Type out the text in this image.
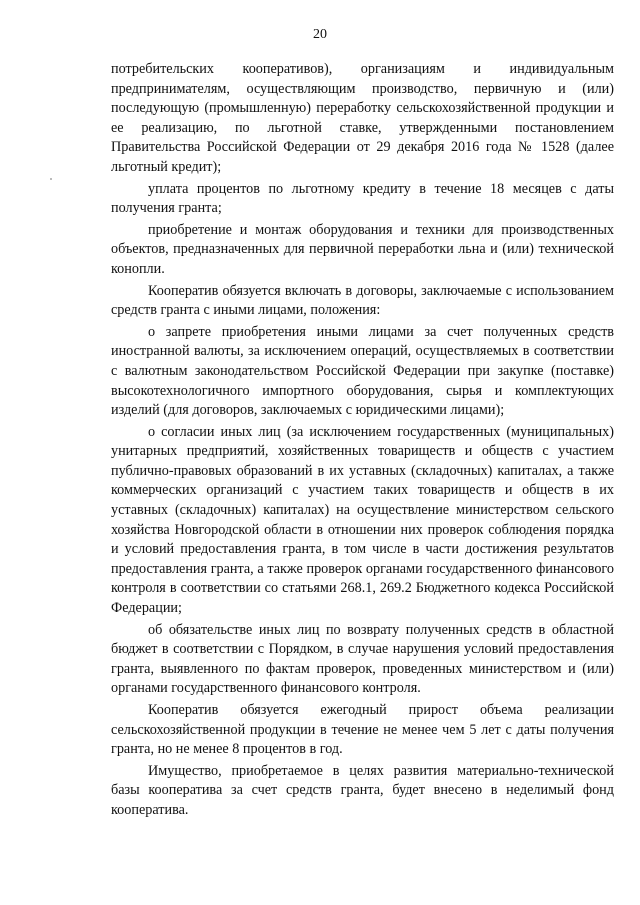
20

потребительских кооперативов), организациям и индивидуальным предпринимателям, осуществляющим производство, первичную и (или) последующую (промышленную) переработку сельскохозяйственной продукции и ее реализацию, по льготной ставке, утвержденными постановлением Правительства Российской Федерации от 29 декабря 2016 года № 1528 (далее льготный кредит);

уплата процентов по льготному кредиту в течение 18 месяцев с даты получения гранта;

приобретение и монтаж оборудования и техники для производственных объектов, предназначенных для первичной переработки льна и (или) технической конопли.

Кооператив обязуется включать в договоры, заключаемые с использованием средств гранта с иными лицами, положения:

о запрете приобретения иными лицами за счет полученных средств иностранной валюты, за исключением операций, осуществляемых в соответствии с валютным законодательством Российской Федерации при закупке (поставке) высокотехнологичного импортного оборудования, сырья и комплектующих изделий (для договоров, заключаемых с юридическими лицами);

о согласии иных лиц (за исключением государственных (муниципальных) унитарных предприятий, хозяйственных товариществ и обществ с участием публично-правовых образований в их уставных (складочных) капиталах, а также коммерческих организаций с участием таких товариществ и обществ в их уставных (складочных) капиталах) на осуществление министерством сельского хозяйства Новгородской области в отношении них проверок соблюдения порядка и условий предоставления гранта, в том числе в части достижения результатов предоставления гранта, а также проверок органами государственного финансового контроля в соответствии со статьями 268.1, 269.2 Бюджетного кодекса Российской Федерации;

об обязательстве иных лиц по возврату полученных средств в областной бюджет в соответствии с Порядком, в случае нарушения условий предоставления гранта, выявленного по фактам проверок, проведенных министерством и (или) органами государственного финансового контроля.

Кооператив обязуется ежегодный прирост объема реализации сельскохозяйственной продукции в течение не менее чем 5 лет с даты получения гранта, но не менее 8 процентов в год.

Имущество, приобретаемое в целях развития материально-технической базы кооператива за счет средств гранта, будет внесено в неделимый фонд кооператива.
